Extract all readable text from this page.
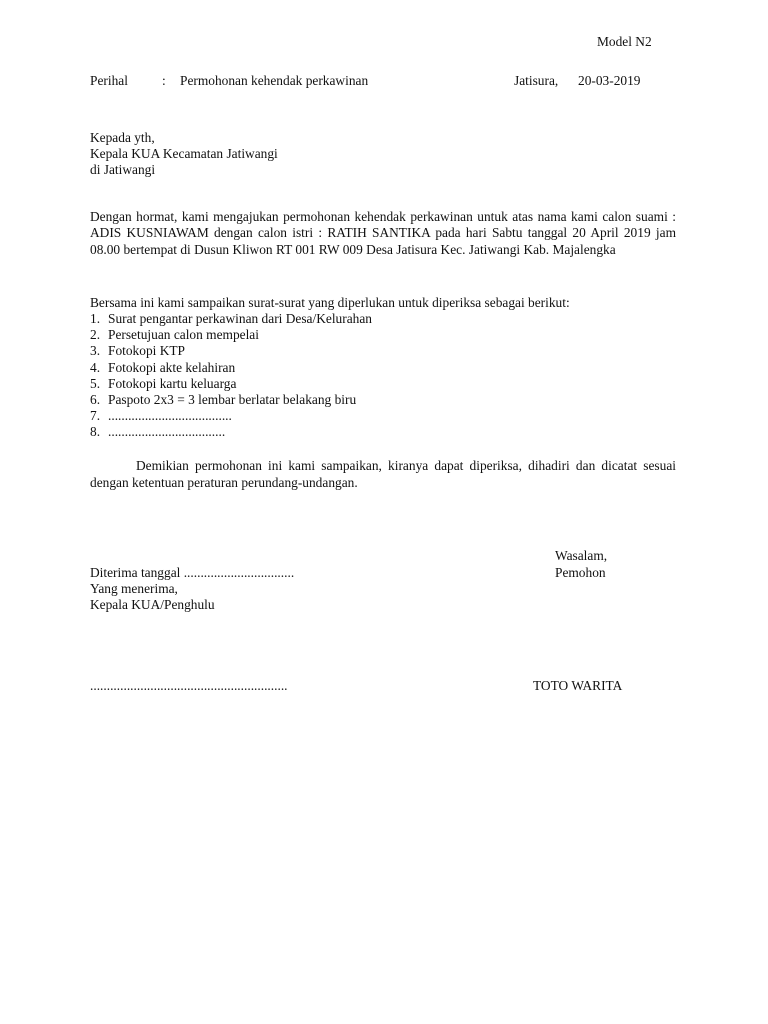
Model N2
Perihal	: Permohonan kehendak perkawinan	Jatisura, 20-03-2019
Kepada yth,
Kepala KUA Kecamatan Jatiwangi
di Jatiwangi
Dengan hormat, kami mengajukan permohonan kehendak perkawinan untuk atas nama kami calon suami : ADIS KUSNIAWAM dengan calon istri : RATIH SANTIKA pada hari Sabtu tanggal 20 April 2019 jam 08.00 bertempat di Dusun Kliwon RT 001 RW 009 Desa Jatisura Kec. Jatiwangi Kab. Majalengka
Bersama ini kami sampaikan surat-surat yang diperlukan untuk diperiksa sebagai berikut:
1. Surat pengantar perkawinan dari Desa/Kelurahan
2. Persetujuan calon mempelai
3. Fotokopi KTP
4. Fotokopi akte kelahiran
5. Fotokopi kartu keluarga
6. Paspoto 2x3 = 3 lembar berlatar belakang biru
7. .....................................
8. ...................................
Demikian permohonan ini kami sampaikan, kiranya dapat diperiksa, dihadiri dan dicatat sesuai dengan ketentuan peraturan perundang-undangan.
Wasalam,
Pemohon
Diterima tanggal .................................
Yang menerima,
Kepala KUA/Penghulu
...........................................................	TOTO WARITA
